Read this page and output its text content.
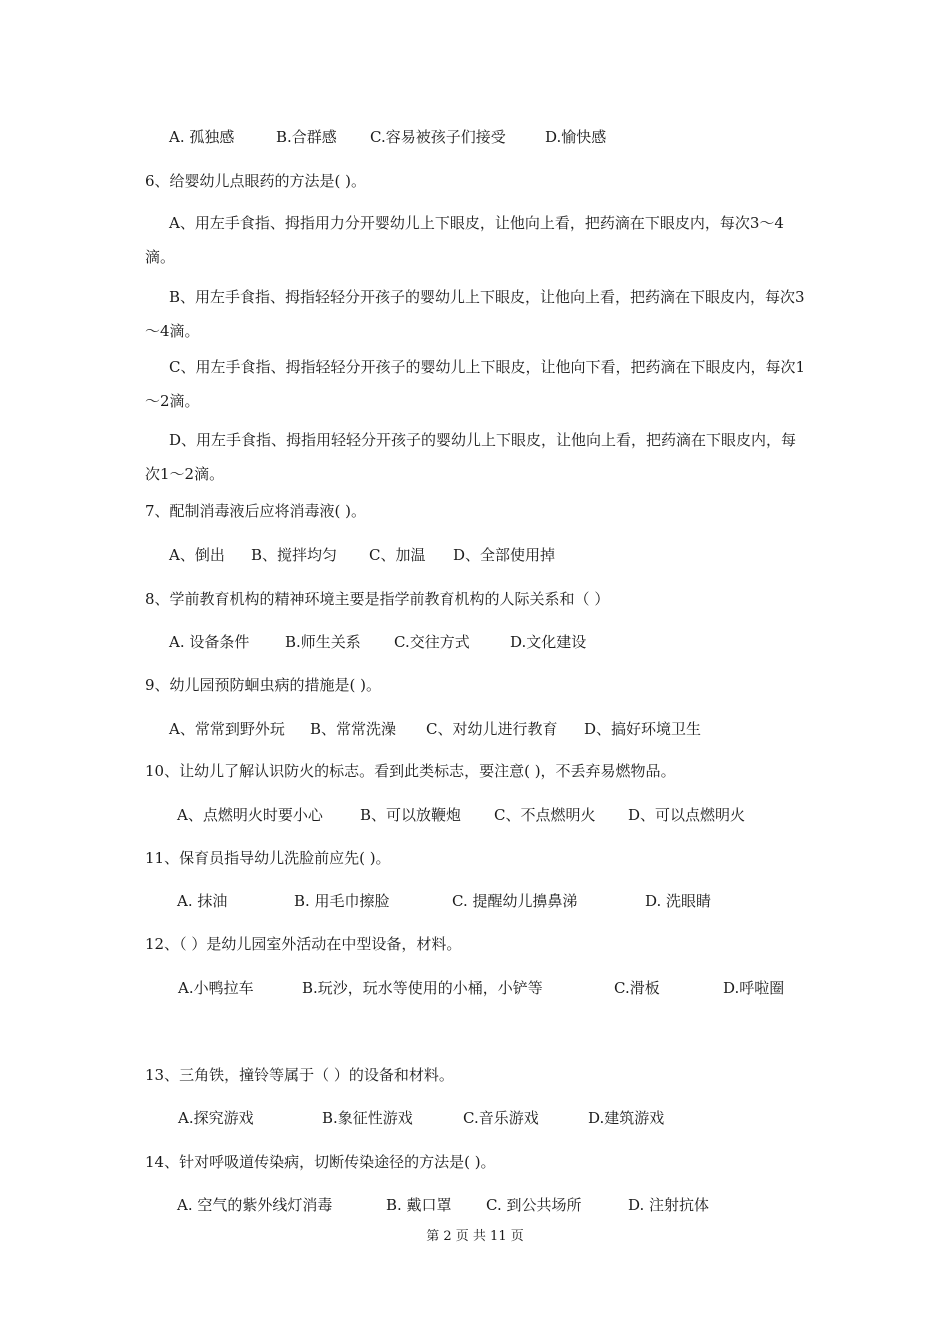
A. 孤独感	B.合群感 C.容易被孩子们接受	D.愉快感
6、给婴幼儿点眼药的方法是( )。
A、用左手食指、拇指用力分开婴幼儿上下眼皮，让他向上看，把药滴在下眼皮内，每次3～4滴。
B、用左手食指、拇指轻轻分开孩子的婴幼儿上下眼皮，让他向上看，把药滴在下眼皮内，每次3～4滴。
C、用左手食指、拇指轻轻分开孩子的婴幼儿上下眼皮，让他向下看，把药滴在下眼皮内，每次1～2滴。
D、用左手食指、拇指用轻轻分开孩子的婴幼儿上下眼皮，让他向上看，把药滴在下眼皮内，每次1～2滴。
7、配制消毒液后应将消毒液( )。
A、倒出 B、搅拌均匀 C、加温 D、全部使用掉
8、学前教育机构的精神环境主要是指学前教育机构的人际关系和（ ）
A. 设备条件 B.师生关系 C.交往方式	D.文化建设
9、幼儿园预防蛔虫病的措施是( )。
A、常常到野外玩 B、常常洗澡 C、对幼儿进行教育 D、搞好环境卫生
10、让幼儿了解认识防火的标志。看到此类标志，要注意( )，不丢弃易燃物品。
A、点燃明火时要小心 B、可以放鞭炮 C、不点燃明火 D、可以点燃明火
11、保育员指导幼儿洗脸前应先( )。
A. 抹油	B. 用毛巾擦脸	C. 提醒幼儿擤鼻涕	D. 洗眼睛
12、（ ）是幼儿园室外活动在中型设备，材料。
A.小鸭拉车	B.玩沙，玩水等使用的小桶，小铲等	C.滑板	D.呼啦圈
13、三角铁，撞铃等属于（ ）的设备和材料。
A.探究游戏	B.象征性游戏	C.音乐游戏	D.建筑游戏
14、针对呼吸道传染病，切断传染途径的方法是( )。
A. 空气的紫外线灯消毒	B. 戴口罩 C. 到公共场所	D. 注射抗体
第 2 页 共 11 页
